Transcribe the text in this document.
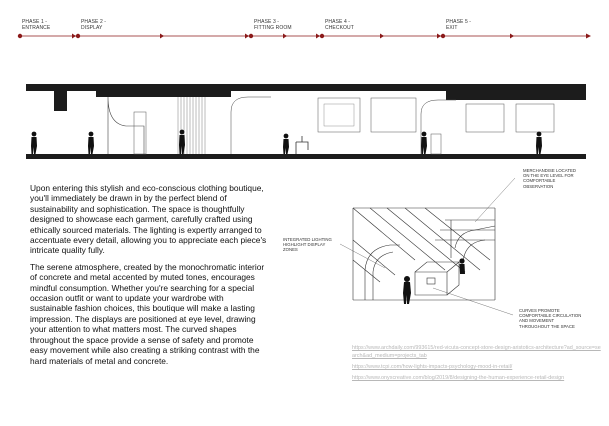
PHASE 1 -
ENTRANCE
PHASE 2 -
DISPLAY
PHASE 3 -
FITTING ROOM
PHASE 4 -
CHECKOUT
PHASE 5 -
EXIT

Upon entering this stylish and eco-conscious clothing boutique, you'll immediately be drawn in by the perfect blend of sustainability and sophistication. The space is thoughtfully designed to showcase each garment, carefully crafted using ethically sourced materials. The lighting is expertly arranged to accentuate every detail, allowing you to appreciate each piece's intricate quality fully.

The serene atmosphere, created by the monochromatic interior of concrete and metal accented by muted tones, encourages mindful consumption. Whether you're searching for a special occasion outfit or want to update your wardrobe with sustainable fashion choices, this boutique will make a lasting impression. The displays are positioned at eye level, drawing your attention to what matters most. The curved shapes throughout the space provide a sense of safety and promote easy movement while also creating a striking contrast with the hard materials of metal and concrete.

MERCHANDISE LOCATED
ON THE EYE LEVEL FOR
COMFORTABLE
OBSERVATION
INTEGRATED LIGHTING
HIGHLIGHT DISPLAY
ZONES
CURVES PROMOTE
COMFORTABLE CIRCULATION
AND MOVEMENT
THROUGHOUT THE SPACE
https://www.archdaily.com/993615/red-vicuta-concept-store-design-aristotics-architecture?ad_source=search&ad_medium=projects_tab
https://www.tcpi.com/how-lights-impacts-psychology-mood-in-retail/
https://www.onyxcreative.com/blog/2019/8/designing-the-human-experience-retail-design
